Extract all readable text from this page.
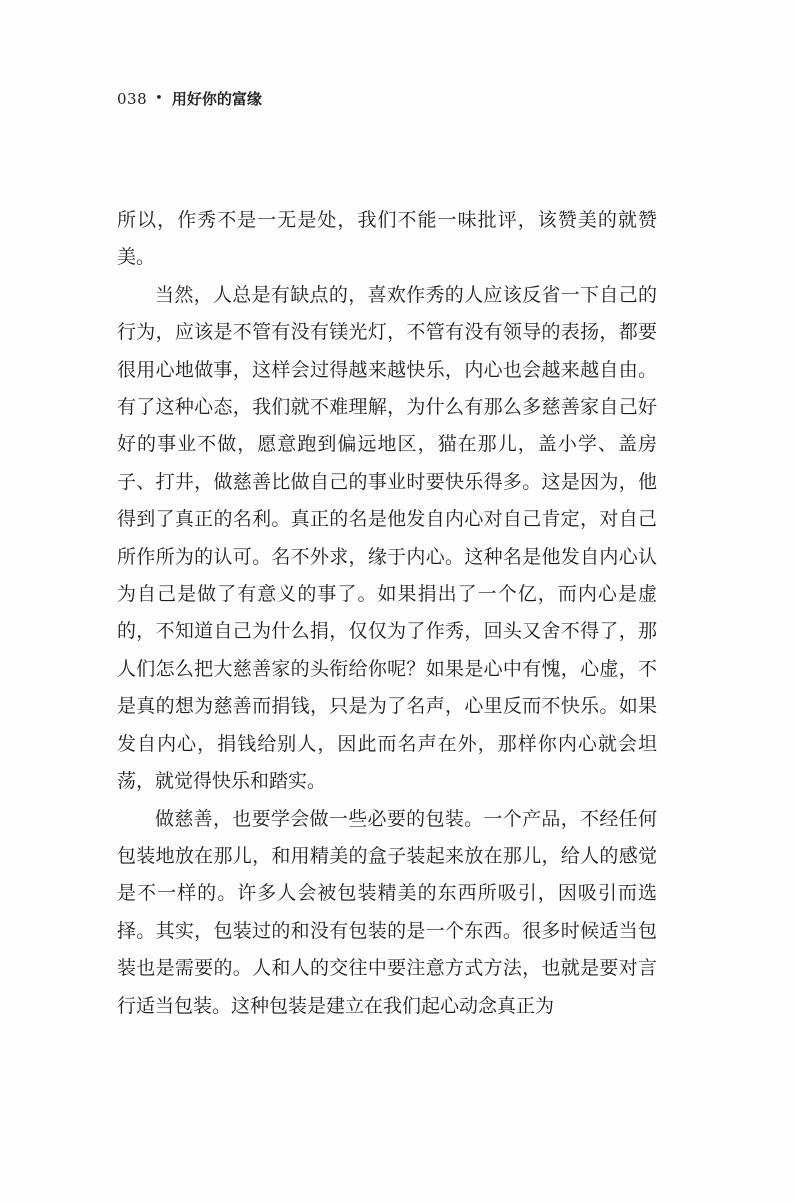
038 • 用好你的富缘

所以，作秀不是一无是处，我们不能一味批评，该赞美的就赞美。

当然，人总是有缺点的，喜欢作秀的人应该反省一下自己的行为，应该是不管有没有镁光灯，不管有没有领导的表扬，都要很用心地做事，这样会过得越来越快乐，内心也会越来越自由。有了这种心态，我们就不难理解，为什么有那么多慈善家自己好好的事业不做，愿意跑到偏远地区，猫在那儿，盖小学、盖房子、打井，做慈善比做自己的事业时要快乐得多。这是因为，他得到了真正的名利。真正的名是他发自内心对自己肯定，对自己所作所为的认可。名不外求，缘于内心。这种名是他发自内心认为自己是做了有意义的事了。如果捐出了一个亿，而内心是虚的，不知道自己为什么捐，仅仅为了作秀，回头又舍不得了，那人们怎么把大慈善家的头衔给你呢？如果是心中有愧，心虚，不是真的想为慈善而捐钱，只是为了名声，心里反而不快乐。如果发自内心，捐钱给别人，因此而名声在外，那样你内心就会坦荡，就觉得快乐和踏实。

做慈善，也要学会做一些必要的包装。一个产品，不经任何包装地放在那儿，和用精美的盒子装起来放在那儿，给人的感觉是不一样的。许多人会被包装精美的东西所吸引，因吸引而选择。其实，包装过的和没有包装的是一个东西。很多时候适当包装也是需要的。人和人的交往中要注意方式方法，也就是要对言行适当包装。这种包装是建立在我们起心动念真正为
